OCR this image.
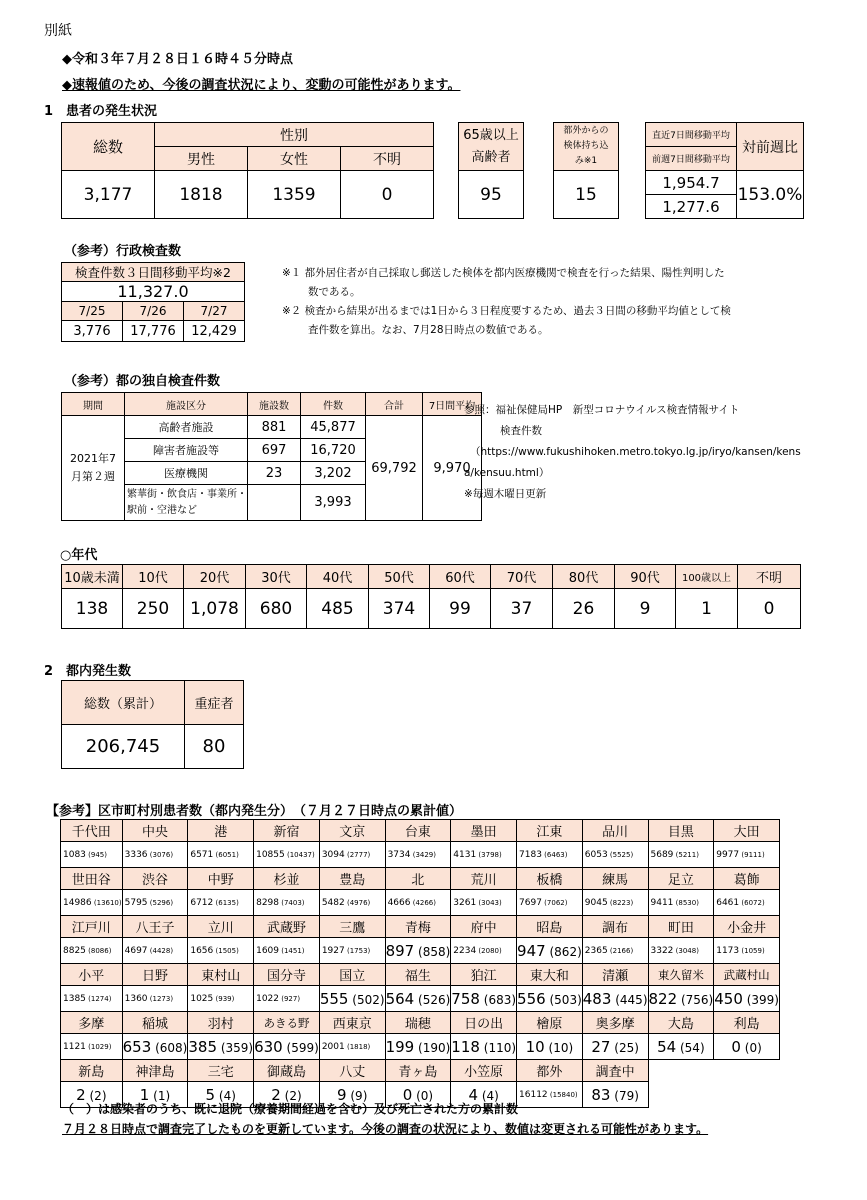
別紙
◆令和３年７月２８日１６時４５分時点
◆速報値のため、今後の調査状況により、変動の可能性があります。
1　患者の発生状況
総数	性別		
	男性	女性	不明
3,177	1818	1359	0
65歳以上
高齢者

95
都外からの
検体持ち込
み※1

15
直近7日間移動平均	対前週比
前週7日間移動平均	
1,954.7	153.0%
1,277.6	
（参考）行政検査数
検査件数３日間移動平均※2		
11,327.0		
7/25	7/26	7/27
3,776	17,776	12,429
※１ 都外居住者が自己採取し郵送した検体を都内医療機関で検査を行った結果、陽性判明した
数である。
※２ 検査から結果が出るまでは1日から３日程度要するため、過去３日間の移動平均値として検
査件数を算出。なお、7月28日時点の数値である。
（参考）都の独自検査件数
期間	施設区分	施設数	件数	合計	7日間平均

2021年7
月第２週	高齢者施設	881	45,877	69,792	9,970
	障害者施設等	697	16,720		
	医療機関	23	3,202		

	繁華街・飲食店・事業所・
駅前・空港など		3,993		
参照：福祉保健局HP　新型コロナウイルス検査情報サイト
検査件数
（https://www.fukushihoken.metro.tokyo.lg.jp/iryo/kansen/kens
a/kensuu.html）
※毎週木曜日更新
○年代
10歳未満	10代	20代	30代	40代	50代	60代	70代	80代	90代	100歳以上	不明
138	250	1,078	680	485	374	99	37	26	9	1	0
2　都内発生数
総数（累計）	重症者
206,745	80
【参考】区市町村別患者数（都内発生分）　（７月２７日時点の累計値）
千代田	中央	港	新宿	文京	台東	墨田	江東	品川	目黒	大田
1083 (945)	3336 (3076)	6571 (6051)	10855 (10437)	3094 (2777)	3734 (3429)	4131 (3798)	7183 (6463)	6053 (5525)	5689 (5211)	9977 (9111)
世田谷	渋谷	中野	杉並	豊島	北	荒川	板橋	練馬	足立	葛飾
14986 (13610)	5795 (5296)	6712 (6135)	8298 (7403)	5482 (4976)	4666 (4266)	3261 (3043)	7697 (7062)	9045 (8223)	9411 (8530)	6461 (6072)
江戸川	八王子	立川	武蔵野	三鷹	青梅	府中	昭島	調布	町田	小金井
8825 (8086)	4697 (4428)	1656 (1505)	1609 (1451)	1927 (1753)	897 (858)	2234 (2080)	947 (862)	2365 (2166)	3322 (3048)	1173 (1059)
小平	日野	東村山	国分寺	国立	福生	狛江	東大和	清瀬	東久留米	武蔵村山
1385 (1274)	1360 (1273)	1025 (939)	1022 (927)	555 (502)	564 (526)	758 (683)	556 (503)	483 (445)	822 (756)	450 (399)
多摩	稲城	羽村	あきる野	西東京	瑞穂	日の出	檜原	奥多摩	大島	利島
1121 (1029)	653 (608)	385 (359)	630 (599)	2001 (1818)	199 (190)	118 (110)	10 (10)	27 (25)	54 (54)	0 (0)
新島	神津島	三宅	御蔵島	八丈	青ヶ島	小笠原	都外	調査中		
2 (2)	1 (1)	5 (4)	2 (2)	9 (9)	0 (0)	4 (4)	16112 (15840)	83 (79)		
（　）は感染者のうち、既に退院（療養期間経過を含む）及び死亡された方の累計数
７月２８日時点で調査完了したものを更新しています。今後の調査の状況により、数値は変更される可能性があります。
